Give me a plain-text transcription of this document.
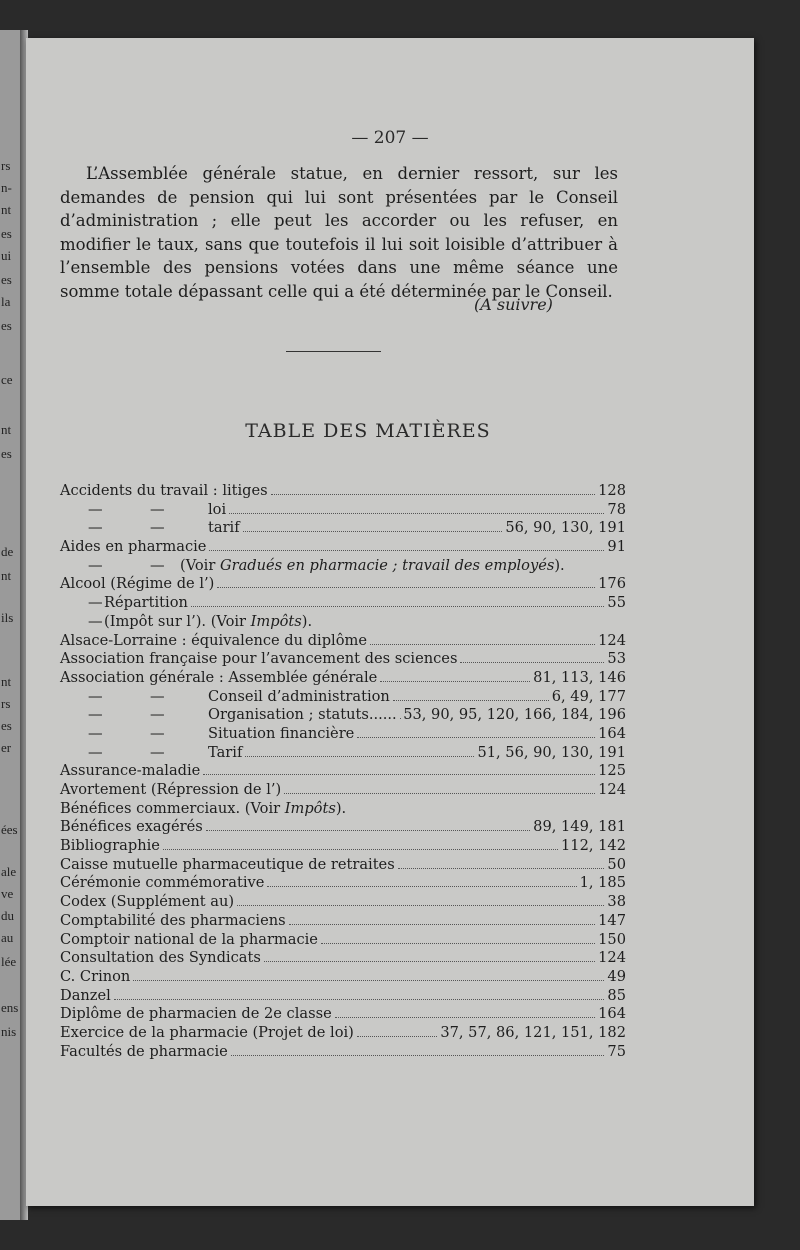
rs
n-
nt
es
ui
es
la
es
ce
nt
es
de
nt
ils
nt
rs
es
er
ées
ale
ve
du
au
lée
ens
nis
— 207 —
L’Assemblée générale statue, en dernier ressort, sur les demandes de pension qui lui sont présentées par le Conseil d’administration ; elle peut les accorder ou les refuser, en modifier le taux, sans que toutefois il lui soit loisible d’attribuer à l’ensemble des pensions votées dans une même séance une somme totale dépassant celle qui a été déterminée par le Conseil.
(A suivre)
TABLE DES MATIÈRES
Accidents du travail : litiges	128
—	—	loi	78
—	—	tarif	56, 90, 130, 191
Aides en pharmacie	91
—	— (Voir Gradués en pharmacie ; travail des employés).
Alcool (Régime de l’)	176
—Répartition	55
—(Impôt sur l’). (Voir Impôts).
Alsace-Lorraine : équivalence du diplôme	124
Association française pour l’avancement des sciences	53
Association générale : Assemblée générale	81, 113, 146
—	—	Conseil d’administration	6, 49, 177
—	—	Organisation ; statuts...... 53, 90, 95, 120, 166, 184, 196
—	—	Situation financière	164
—	—	Tarif	51, 56, 90, 130, 191
Assurance-maladie	125
Avortement (Répression de l’)	124
Bénéfices commerciaux. (Voir Impôts).
Bénéfices exagérés	89, 149, 181
Bibliographie	112, 142
Caisse mutuelle pharmaceutique de retraites	50
Cérémonie commémorative	1, 185
Codex (Supplément au)	38
Comptabilité des pharmaciens	147
Comptoir national de la pharmacie	150
Consultation des Syndicats	124
C. Crinon	49
Danzel	85
Diplôme de pharmacien de 2e classe	164
Exercice de la pharmacie (Projet de loi)	37, 57, 86, 121, 151, 182
Facultés de pharmacie	75
